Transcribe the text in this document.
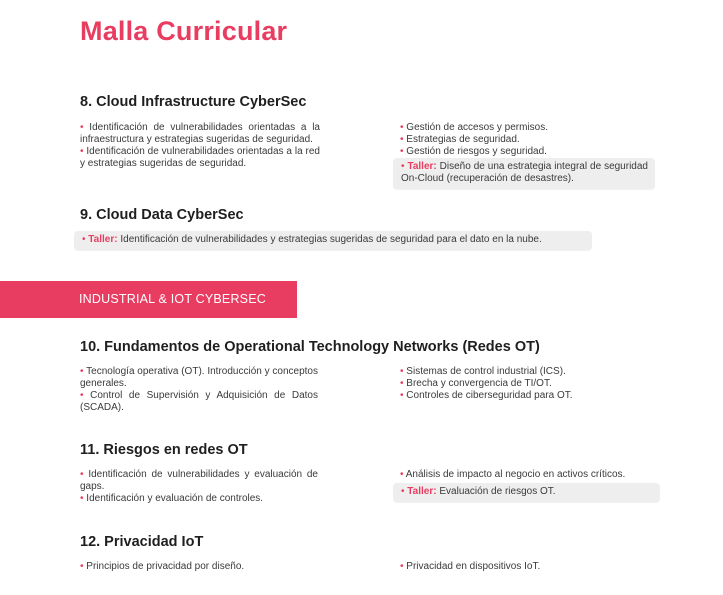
Malla Curricular
8. Cloud Infrastructure CyberSec
• Identificación de vulnerabilidades orientadas a la infraestructura y estrategias sugeridas de seguridad.
• Identificación de vulnerabilidades orientadas a la red y estrategias sugeridas de seguridad.
• Gestión de accesos y permisos.
• Estrategias de seguridad.
• Gestión de riesgos y seguridad.
• Taller: Diseño de una estrategia integral de seguridad On-Cloud (recuperación de desastres).
9. Cloud Data CyberSec
• Taller: Identificación de vulnerabilidades y estrategias sugeridas de seguridad para el dato en la nube.
INDUSTRIAL & IOT CYBERSEC
10. Fundamentos de Operational Technology Networks (Redes OT)
• Tecnología operativa (OT). Introducción y conceptos generales.
• Control de Supervisión y Adquisición de Datos (SCADA).
• Sistemas de control industrial (ICS).
• Brecha y convergencia de TI/OT.
• Controles de ciberseguridad para OT.
11. Riesgos en redes OT
• Identificación de vulnerabilidades y evaluación de gaps.
• Identificación y evaluación de controles.
• Análisis de impacto al negocio en activos críticos.
• Taller: Evaluación de riesgos OT.
12. Privacidad IoT
• Principios de privacidad por diseño.	• Privacidad en dispositivos IoT.
